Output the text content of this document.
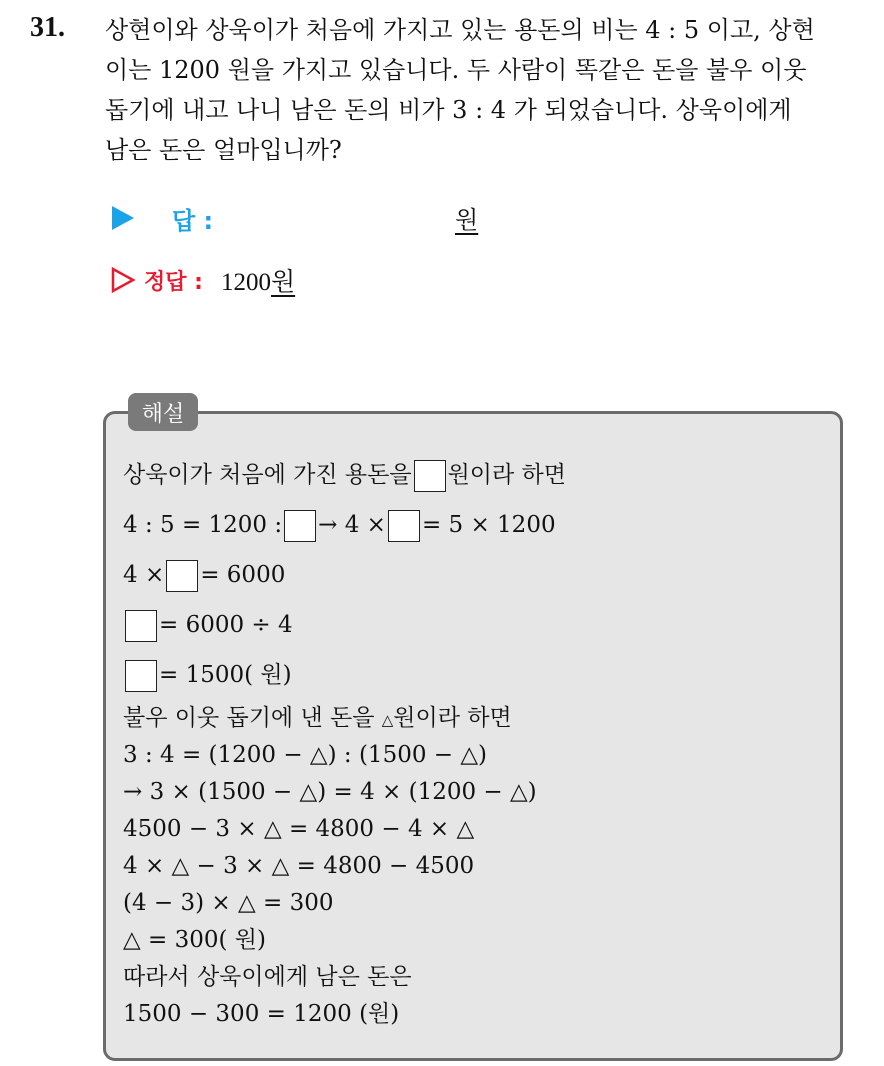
31. 상현이와 상욱이가 처음에 가지고 있는 용돈의 비는 4 : 5 이고, 상현
이는 1200 원을 가지고 있습니다. 두 사람이 똑같은 돈을 불우 이웃
돕기에 내고 나니 남은 돈의 비가 3 : 4 가 되었습니다. 상욱이에게
남은 돈은 얼마입니까?
답 :	원
정답 : 1200원
해설
상욱이가 처음에 가진 용돈을 원이라 하면
4 : 5 = 1200 : → 4 × = 5 × 1200
4 × = 6000
= 6000 ÷ 4
= 1500( 원)
불우 이웃 돕기에 낸 돈을 △원이라 하면
3 : 4 = (1200 − △) : (1500 − △)
→ 3 × (1500 − △) = 4 × (1200 − △)
4500 − 3 × △ = 4800 − 4 × △
4 × △ − 3 × △ = 4800 − 4500
(4 − 3) × △ = 300
△ = 300( 원)
따라서 상욱이에게 남은 돈은
1500 − 300 = 1200 (원)
